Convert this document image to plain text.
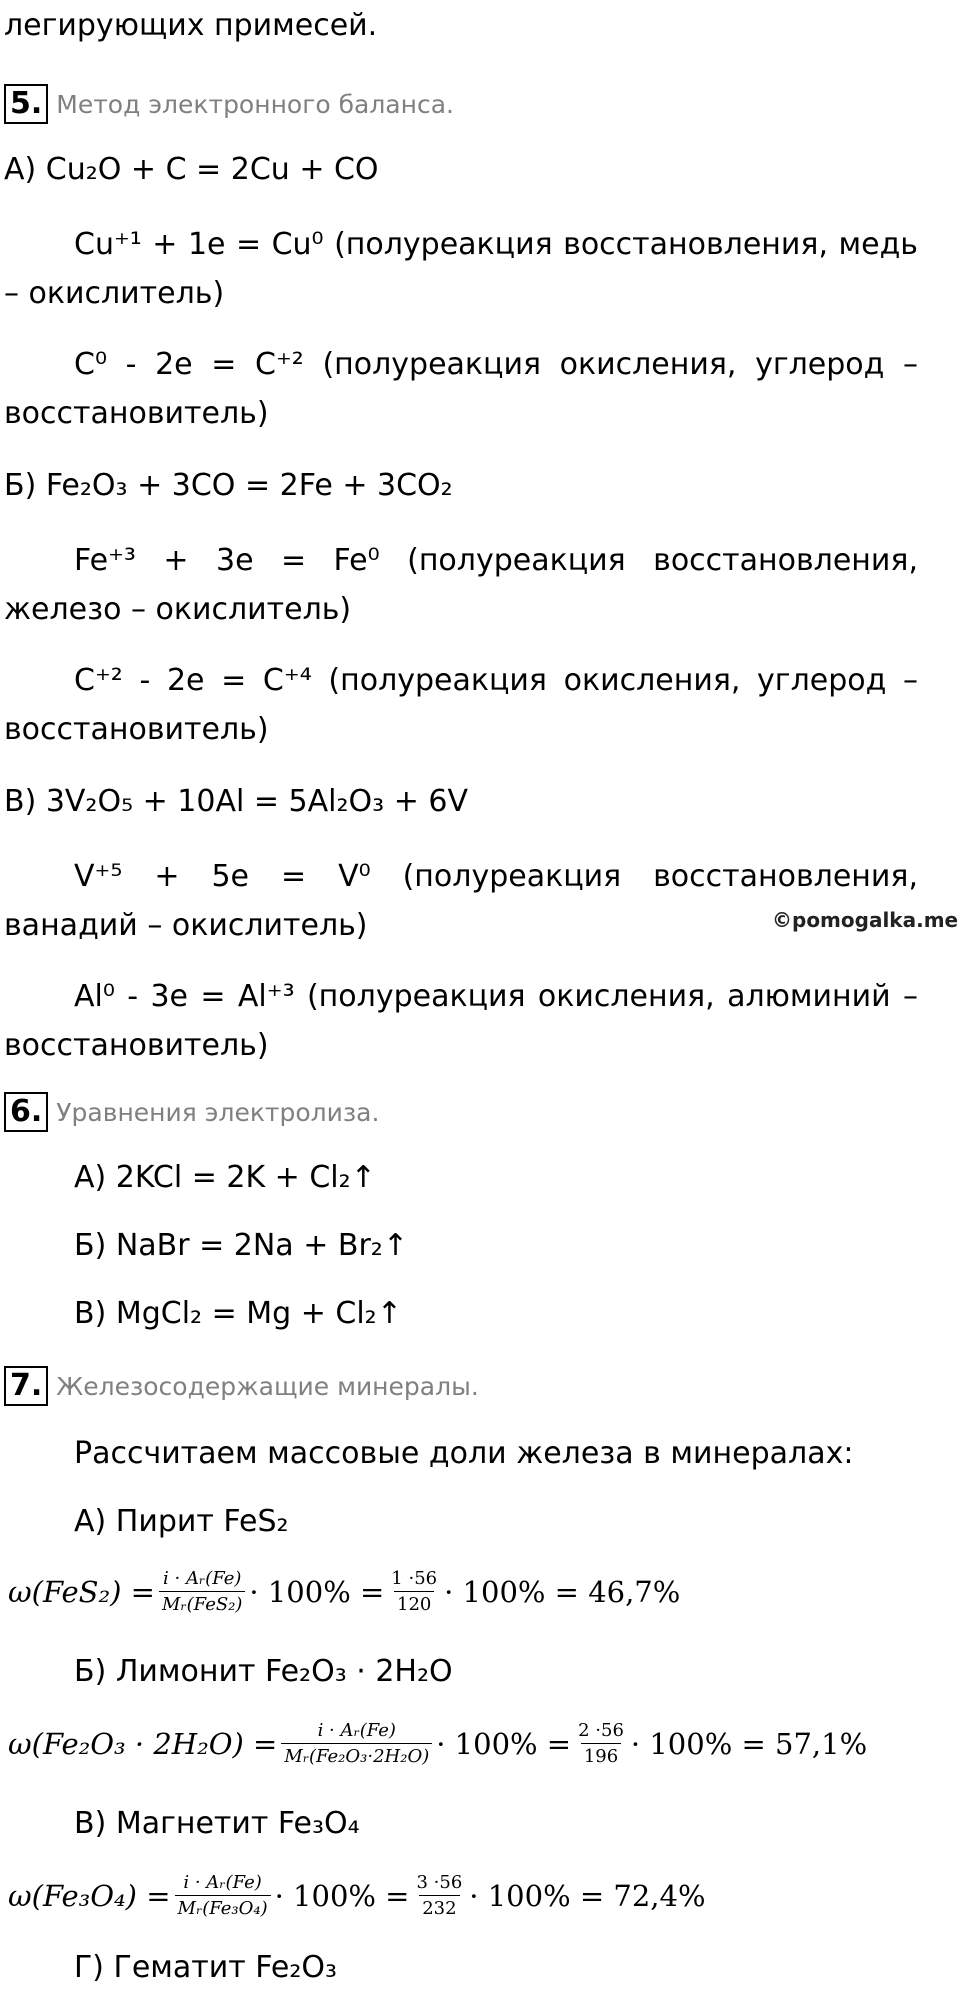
легирующих примесей.
5. Метод электронного баланса.
А) Cu₂O + C = 2Cu + CO
Cu⁺¹ + 1e = Cu⁰ (полуреакция восстановления, медь – окислитель)
C⁰ - 2e = C⁺² (полуреакция окисления, углерод – восстановитель)
Б) Fe₂O₃ + 3CO = 2Fe + 3CO₂
Fe⁺³ + 3e = Fe⁰ (полуреакция восстановления, железо – окислитель)
C⁺² - 2e = C⁺⁴ (полуреакция окисления, углерод – восстановитель)
В) 3V₂O₅ + 10Al = 5Al₂O₃ + 6V
V⁺⁵ + 5e = V⁰ (полуреакция восстановления, ванадий – окислитель)	©pomogalka.me
Al⁰ - 3e = Al⁺³ (полуреакция окисления, алюминий – восстановитель)
6. Уравнения электролиза.
А) 2KCl = 2K + Cl₂↑
Б) NaBr = 2Na + Br₂↑
В) MgCl₂ = Mg + Cl₂↑
7. Железосодержащие минералы.
Рассчитаем массовые доли железа в минералах:
А) Пирит FeS₂
$\omega(FeS_2) = \frac{\text{i · Aᵣ(Fe)}}{\text{Mᵣ(FeS₂)}} \cdot 100\% = \frac{1 \cdot 56}{120} \cdot 100\% = 46,7\%$
Б) Лимонит Fe₂O₃ · 2H₂O
$\omega(Fe_2O_3 \cdot 2H_2O) = \frac{\text{i · Aᵣ(Fe)}}{\text{Mᵣ(Fe₂O₃·2H₂O)}} \cdot 100\% = \frac{2 \cdot 56}{196} \cdot 100\% = 57,1\%$
В) Магнетит Fe₃O₄
$\omega(Fe_3O_4) = \frac{\text{i · Aᵣ(Fe)}}{\text{Mᵣ(Fe₃O₄)}} \cdot 100\% = \frac{3 \cdot 56}{232} \cdot 100\% = 72,4\%$
Г) Гематит Fe₂O₃
